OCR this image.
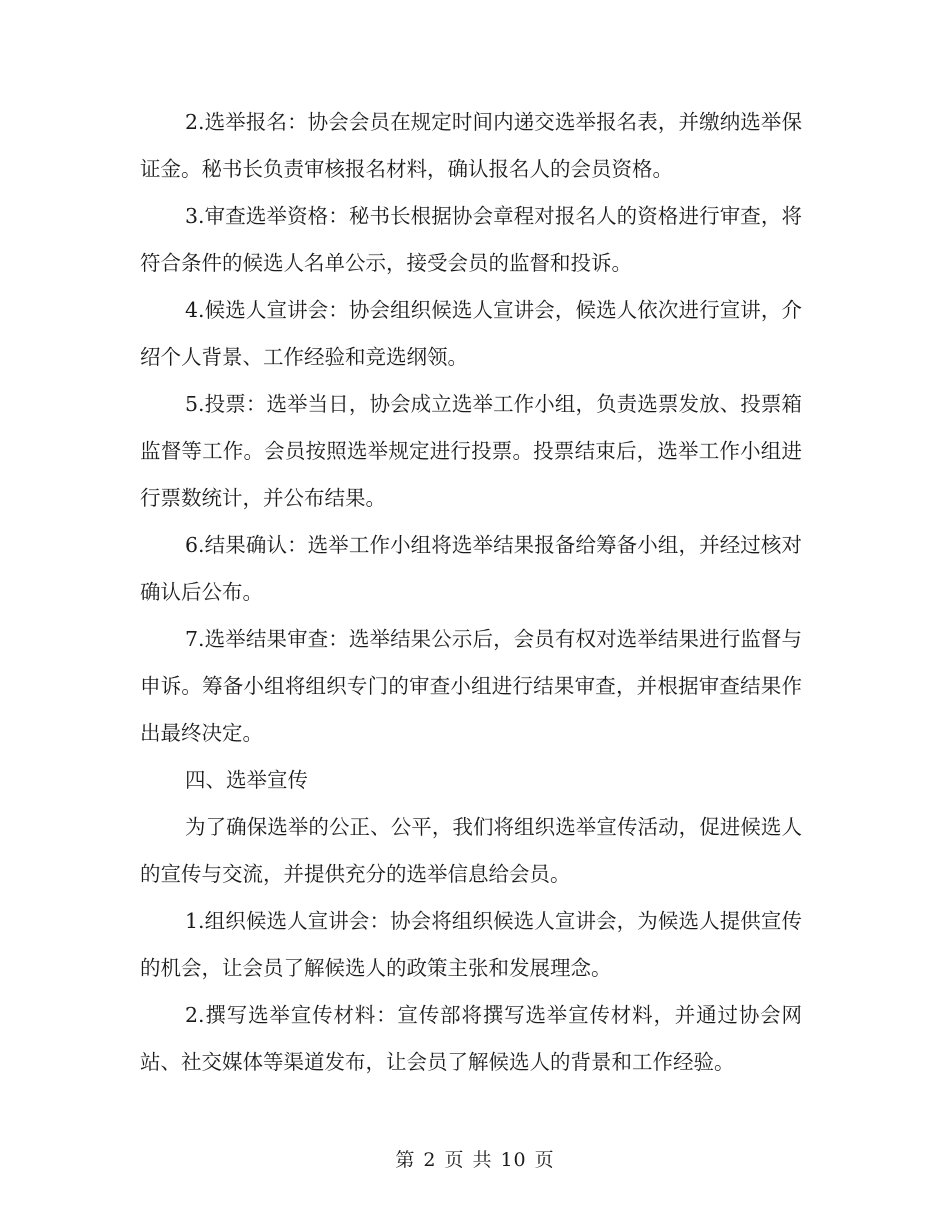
2.选举报名：协会会员在规定时间内递交选举报名表，并缴纳选举保证金。秘书长负责审核报名材料，确认报名人的会员资格。

3.审查选举资格：秘书长根据协会章程对报名人的资格进行审查，将符合条件的候选人名单公示，接受会员的监督和投诉。

4.候选人宣讲会：协会组织候选人宣讲会，候选人依次进行宣讲，介绍个人背景、工作经验和竞选纲领。

5.投票：选举当日，协会成立选举工作小组，负责选票发放、投票箱监督等工作。会员按照选举规定进行投票。投票结束后，选举工作小组进行票数统计，并公布结果。

6.结果确认：选举工作小组将选举结果报备给筹备小组，并经过核对确认后公布。

7.选举结果审查：选举结果公示后，会员有权对选举结果进行监督与申诉。筹备小组将组织专门的审查小组进行结果审查，并根据审查结果作出最终决定。

四、选举宣传

为了确保选举的公正、公平，我们将组织选举宣传活动，促进候选人的宣传与交流，并提供充分的选举信息给会员。

1.组织候选人宣讲会：协会将组织候选人宣讲会，为候选人提供宣传的机会，让会员了解候选人的政策主张和发展理念。

2.撰写选举宣传材料：宣传部将撰写选举宣传材料，并通过协会网站、社交媒体等渠道发布，让会员了解候选人的背景和工作经验。

第 2 页 共 10 页
